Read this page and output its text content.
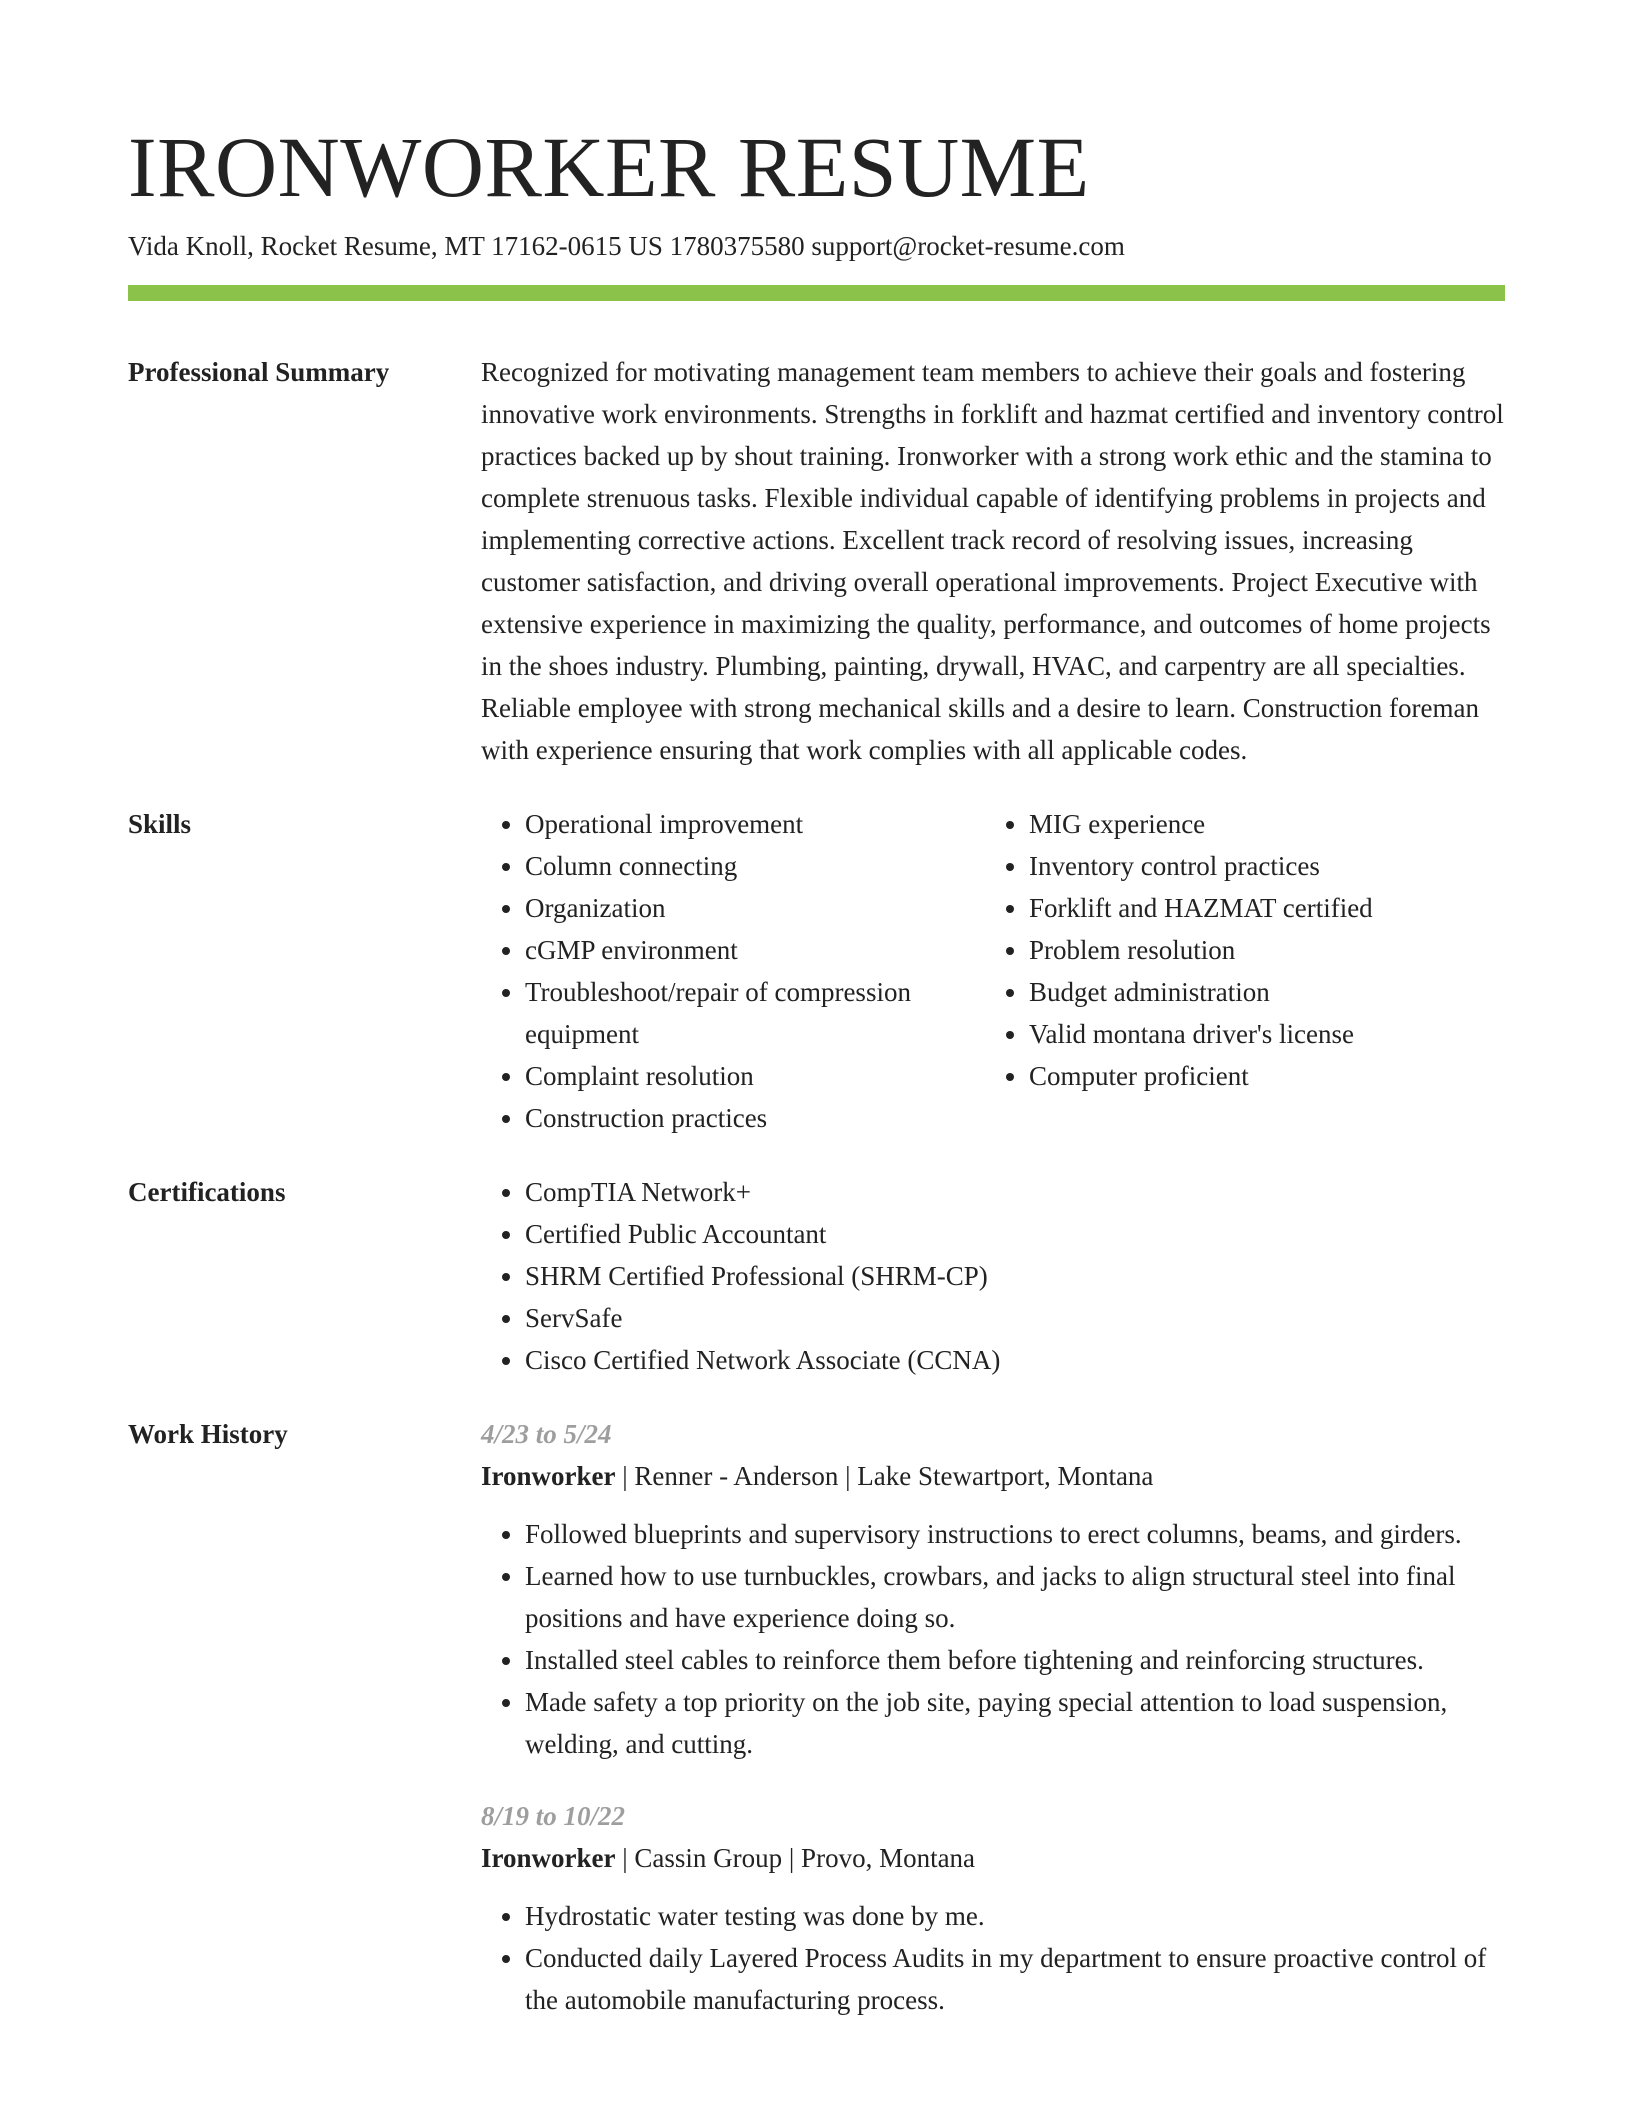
IRONWORKER RESUME
Vida Knoll, Rocket Resume, MT 17162-0615 US 1780375580 support@rocket-resume.com
Professional Summary	Recognized for motivating management team members to achieve their goals and fostering innovative work environments. Strengths in forklift and hazmat certified and inventory control practices backed up by shout training. Ironworker with a strong work ethic and the stamina to complete strenuous tasks. Flexible individual capable of identifying problems in projects and implementing corrective actions. Excellent track record of resolving issues, increasing customer satisfaction, and driving overall operational improvements. Project Executive with extensive experience in maximizing the quality, performance, and outcomes of home projects in the shoes industry. Plumbing, painting, drywall, HVAC, and carpentry are all specialties. Reliable employee with strong mechanical skills and a desire to learn. Construction foreman with experience ensuring that work complies with all applicable codes.

Skills	• Operational improvement
• Column connecting
• Organization
• cGMP environment
• Troubleshoot/repair of compression equipment
• Complaint resolution
• Construction practices
• MIG experience
• Inventory control practices
• Forklift and HAZMAT certified
• Problem resolution
• Budget administration
• Valid montana driver's license
• Computer proficient
Certifications	• CompTIA Network+
• Certified Public Accountant
• SHRM Certified Professional (SHRM-CP)
• ServSafe
• Cisco Certified Network Associate (CCNA)
Work History	4/23 to 5/24
Ironworker | Renner - Anderson | Lake Stewartport, Montana
• Followed blueprints and supervisory instructions to erect columns, beams, and girders.
• Learned how to use turnbuckles, crowbars, and jacks to align structural steel into final positions and have experience doing so.
• Installed steel cables to reinforce them before tightening and reinforcing structures.
• Made safety a top priority on the job site, paying special attention to load suspension, welding, and cutting.
8/19 to 10/22
Ironworker | Cassin Group | Provo, Montana
• Hydrostatic water testing was done by me.
• Conducted daily Layered Process Audits in my department to ensure proactive control of the automobile manufacturing process.
